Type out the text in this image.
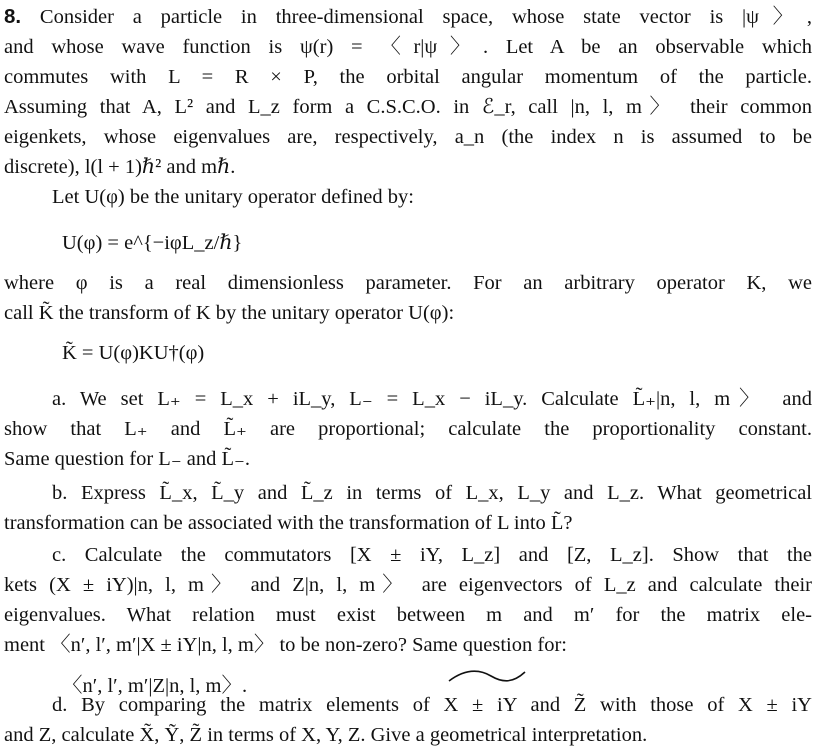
8. Consider a particle in three-dimensional space, whose state vector is |ψ〉,
and whose wave function is ψ(r) = 〈r|ψ〉. Let A be an observable which
commutes with L = R × P, the orbital angular momentum of the particle.
Assuming that A, L² and L_z form a C.S.C.O. in ℰ_r, call |n, l, m〉 their common
eigenkets, whose eigenvalues are, respectively, a_n (the index n is assumed to be
discrete), l(l + 1)ℏ² and mℏ.
Let U(φ) be the unitary operator defined by:
U(φ) = e^{−iφL_z/ℏ}
where φ is a real dimensionless parameter. For an arbitrary operator K, we
call K̃ the transform of K by the unitary operator U(φ):
K̃ = U(φ)KU†(φ)
a. We set L₊ = L_x + iL_y, L₋ = L_x − iL_y. Calculate L̃₊|n, l, m〉 and
show that L₊ and L̃₊ are proportional; calculate the proportionality constant.
Same question for L₋ and L̃₋.
b. Express L̃_x, L̃_y and L̃_z in terms of L_x, L_y and L_z. What geometrical
transformation can be associated with the transformation of L into L̃?
c. Calculate the commutators [X ± iY, L_z] and [Z, L_z]. Show that the
kets (X ± iY)|n, l, m〉 and Z|n, l, m〉 are eigenvectors of L_z and calculate their
eigenvalues. What relation must exist between m and m′ for the matrix ele-
ment 〈n′, l′, m′|X ± iY|n, l, m〉 to be non-zero? Same question for:
〈n′, l′, m′|Z|n, l, m〉.
d. By comparing the matrix elements of X ± iY and Z̃ with those of X ± iY
and Z, calculate X̃, Ỹ, Z̃ in terms of X, Y, Z. Give a geometrical interpretation.
